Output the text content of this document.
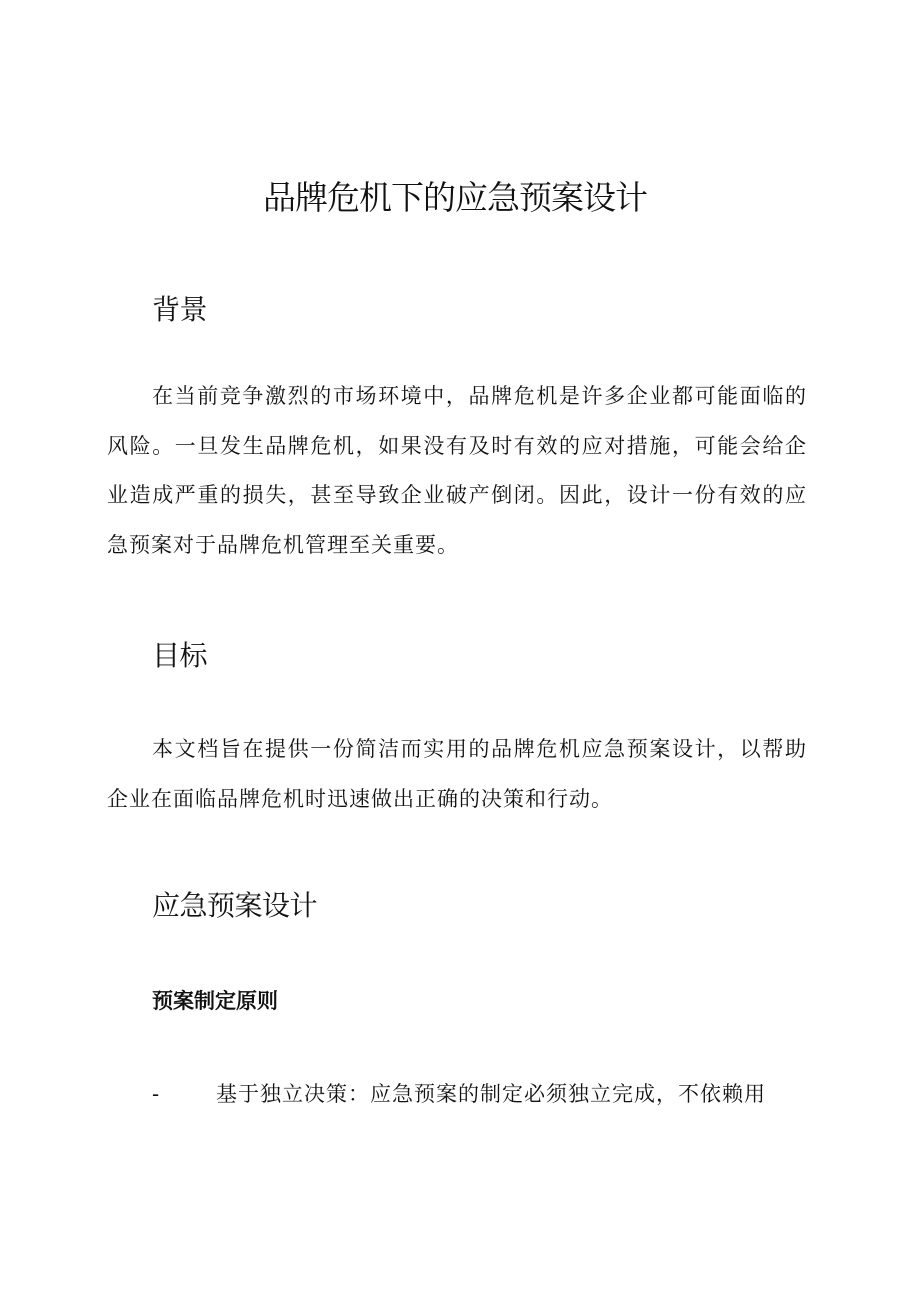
品牌危机下的应急预案设计
背景

在当前竞争激烈的市场环境中，品牌危机是许多企业都可能面临的风险。一旦发生品牌危机，如果没有及时有效的应对措施，可能会给企业造成严重的损失，甚至导致企业破产倒闭。因此，设计一份有效的应急预案对于品牌危机管理至关重要。

目标

本文档旨在提供一份简洁而实用的品牌危机应急预案设计，以帮助企业在面临品牌危机时迅速做出正确的决策和行动。

应急预案设计
预案制定原则
-	基于独立决策：应急预案的制定必须独立完成，不依赖用
